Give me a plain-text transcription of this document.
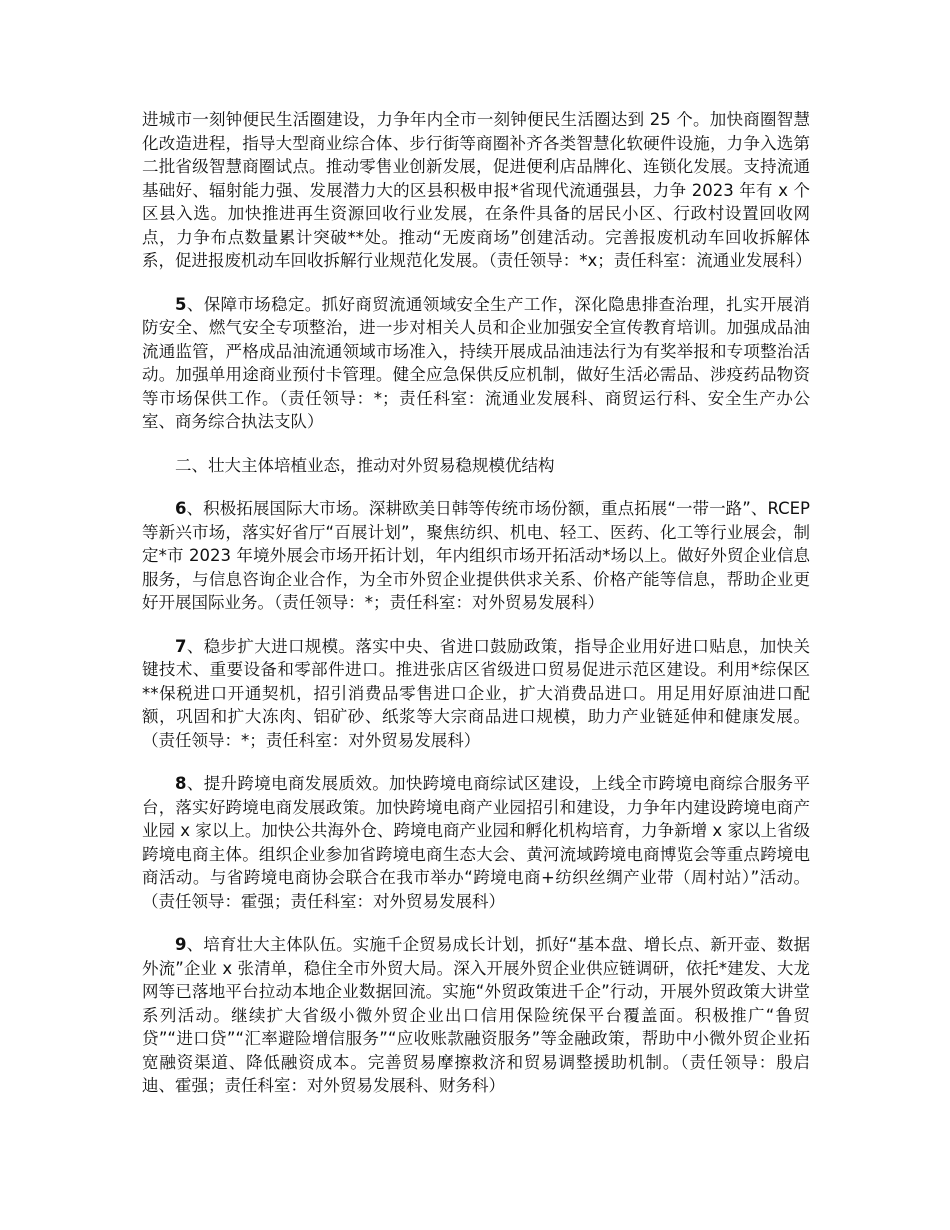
进城市一刻钟便民生活圈建设，力争年内全市一刻钟便民生活圈达到 25 个。加快商圈智慧化改造进程，指导大型商业综合体、步行街等商圈补齐各类智慧化软硬件设施，力争入选第二批省级智慧商圈试点。推动零售业创新发展，促进便利店品牌化、连锁化发展。支持流通基础好、辐射能力强、发展潜力大的区县积极申报*省现代流通强县，力争 2023 年有 x 个区县入选。加快推进再生资源回收行业发展，在条件具备的居民小区、行政村设置回收网点，力争布点数量累计突破**处。推动“无废商场”创建活动。完善报废机动车回收拆解体系，促进报废机动车回收拆解行业规范化发展。（责任领导：*x；责任科室：流通业发展科）

5、保障市场稳定。抓好商贸流通领域安全生产工作，深化隐患排查治理，扎实开展消防安全、燃气安全专项整治，进一步对相关人员和企业加强安全宣传教育培训。加强成品油流通监管，严格成品油流通领域市场准入，持续开展成品油违法行为有奖举报和专项整治活动。加强单用途商业预付卡管理。健全应急保供反应机制，做好生活必需品、涉疫药品物资等市场保供工作。（责任领导：*；责任科室：流通业发展科、商贸运行科、安全生产办公室、商务综合执法支队）

二、壮大主体培植业态，推动对外贸易稳规模优结构

6、积极拓展国际大市场。深耕欧美日韩等传统市场份额，重点拓展“一带一路”、RCEP 等新兴市场，落实好省厅“百展计划”，聚焦纺织、机电、轻工、医药、化工等行业展会，制定*市 2023 年境外展会市场开拓计划，年内组织市场开拓活动*场以上。做好外贸企业信息服务，与信息咨询企业合作，为全市外贸企业提供供求关系、价格产能等信息，帮助企业更好开展国际业务。（责任领导：*；责任科室：对外贸易发展科）

7、稳步扩大进口规模。落实中央、省进口鼓励政策，指导企业用好进口贴息，加快关键技术、重要设备和零部件进口。推进张店区省级进口贸易促进示范区建设。利用*综保区**保税进口开通契机，招引消费品零售进口企业，扩大消费品进口。用足用好原油进口配额，巩固和扩大冻肉、铝矿砂、纸浆等大宗商品进口规模，助力产业链延伸和健康发展。（责任领导：*；责任科室：对外贸易发展科）

8、提升跨境电商发展质效。加快跨境电商综试区建设，上线全市跨境电商综合服务平台，落实好跨境电商发展政策。加快跨境电商产业园招引和建设，力争年内建设跨境电商产业园 x 家以上。加快公共海外仓、跨境电商产业园和孵化机构培育，力争新增 x 家以上省级跨境电商主体。组织企业参加省跨境电商生态大会、黄河流域跨境电商博览会等重点跨境电商活动。与省跨境电商协会联合在我市举办“跨境电商+纺织丝绸产业带（周村站）”活动。（责任领导：霍强；责任科室：对外贸易发展科）

9、培育壮大主体队伍。实施千企贸易成长计划，抓好“基本盘、增长点、新开壶、数据外流”企业 x 张清单，稳住全市外贸大局。深入开展外贸企业供应链调研，依托*建发、大龙网等已落地平台拉动本地企业数据回流。实施“外贸政策进千企”行动，开展外贸政策大讲堂系列活动。继续扩大省级小微外贸企业出口信用保险统保平台覆盖面。积极推广“鲁贸贷”“进口贷”“汇率避险增信服务”“应收账款融资服务”等金融政策，帮助中小微外贸企业拓宽融资渠道、降低融资成本。完善贸易摩擦救济和贸易调整援助机制。（责任领导：殷启迪、霍强；责任科室：对外贸易发展科、财务科）
